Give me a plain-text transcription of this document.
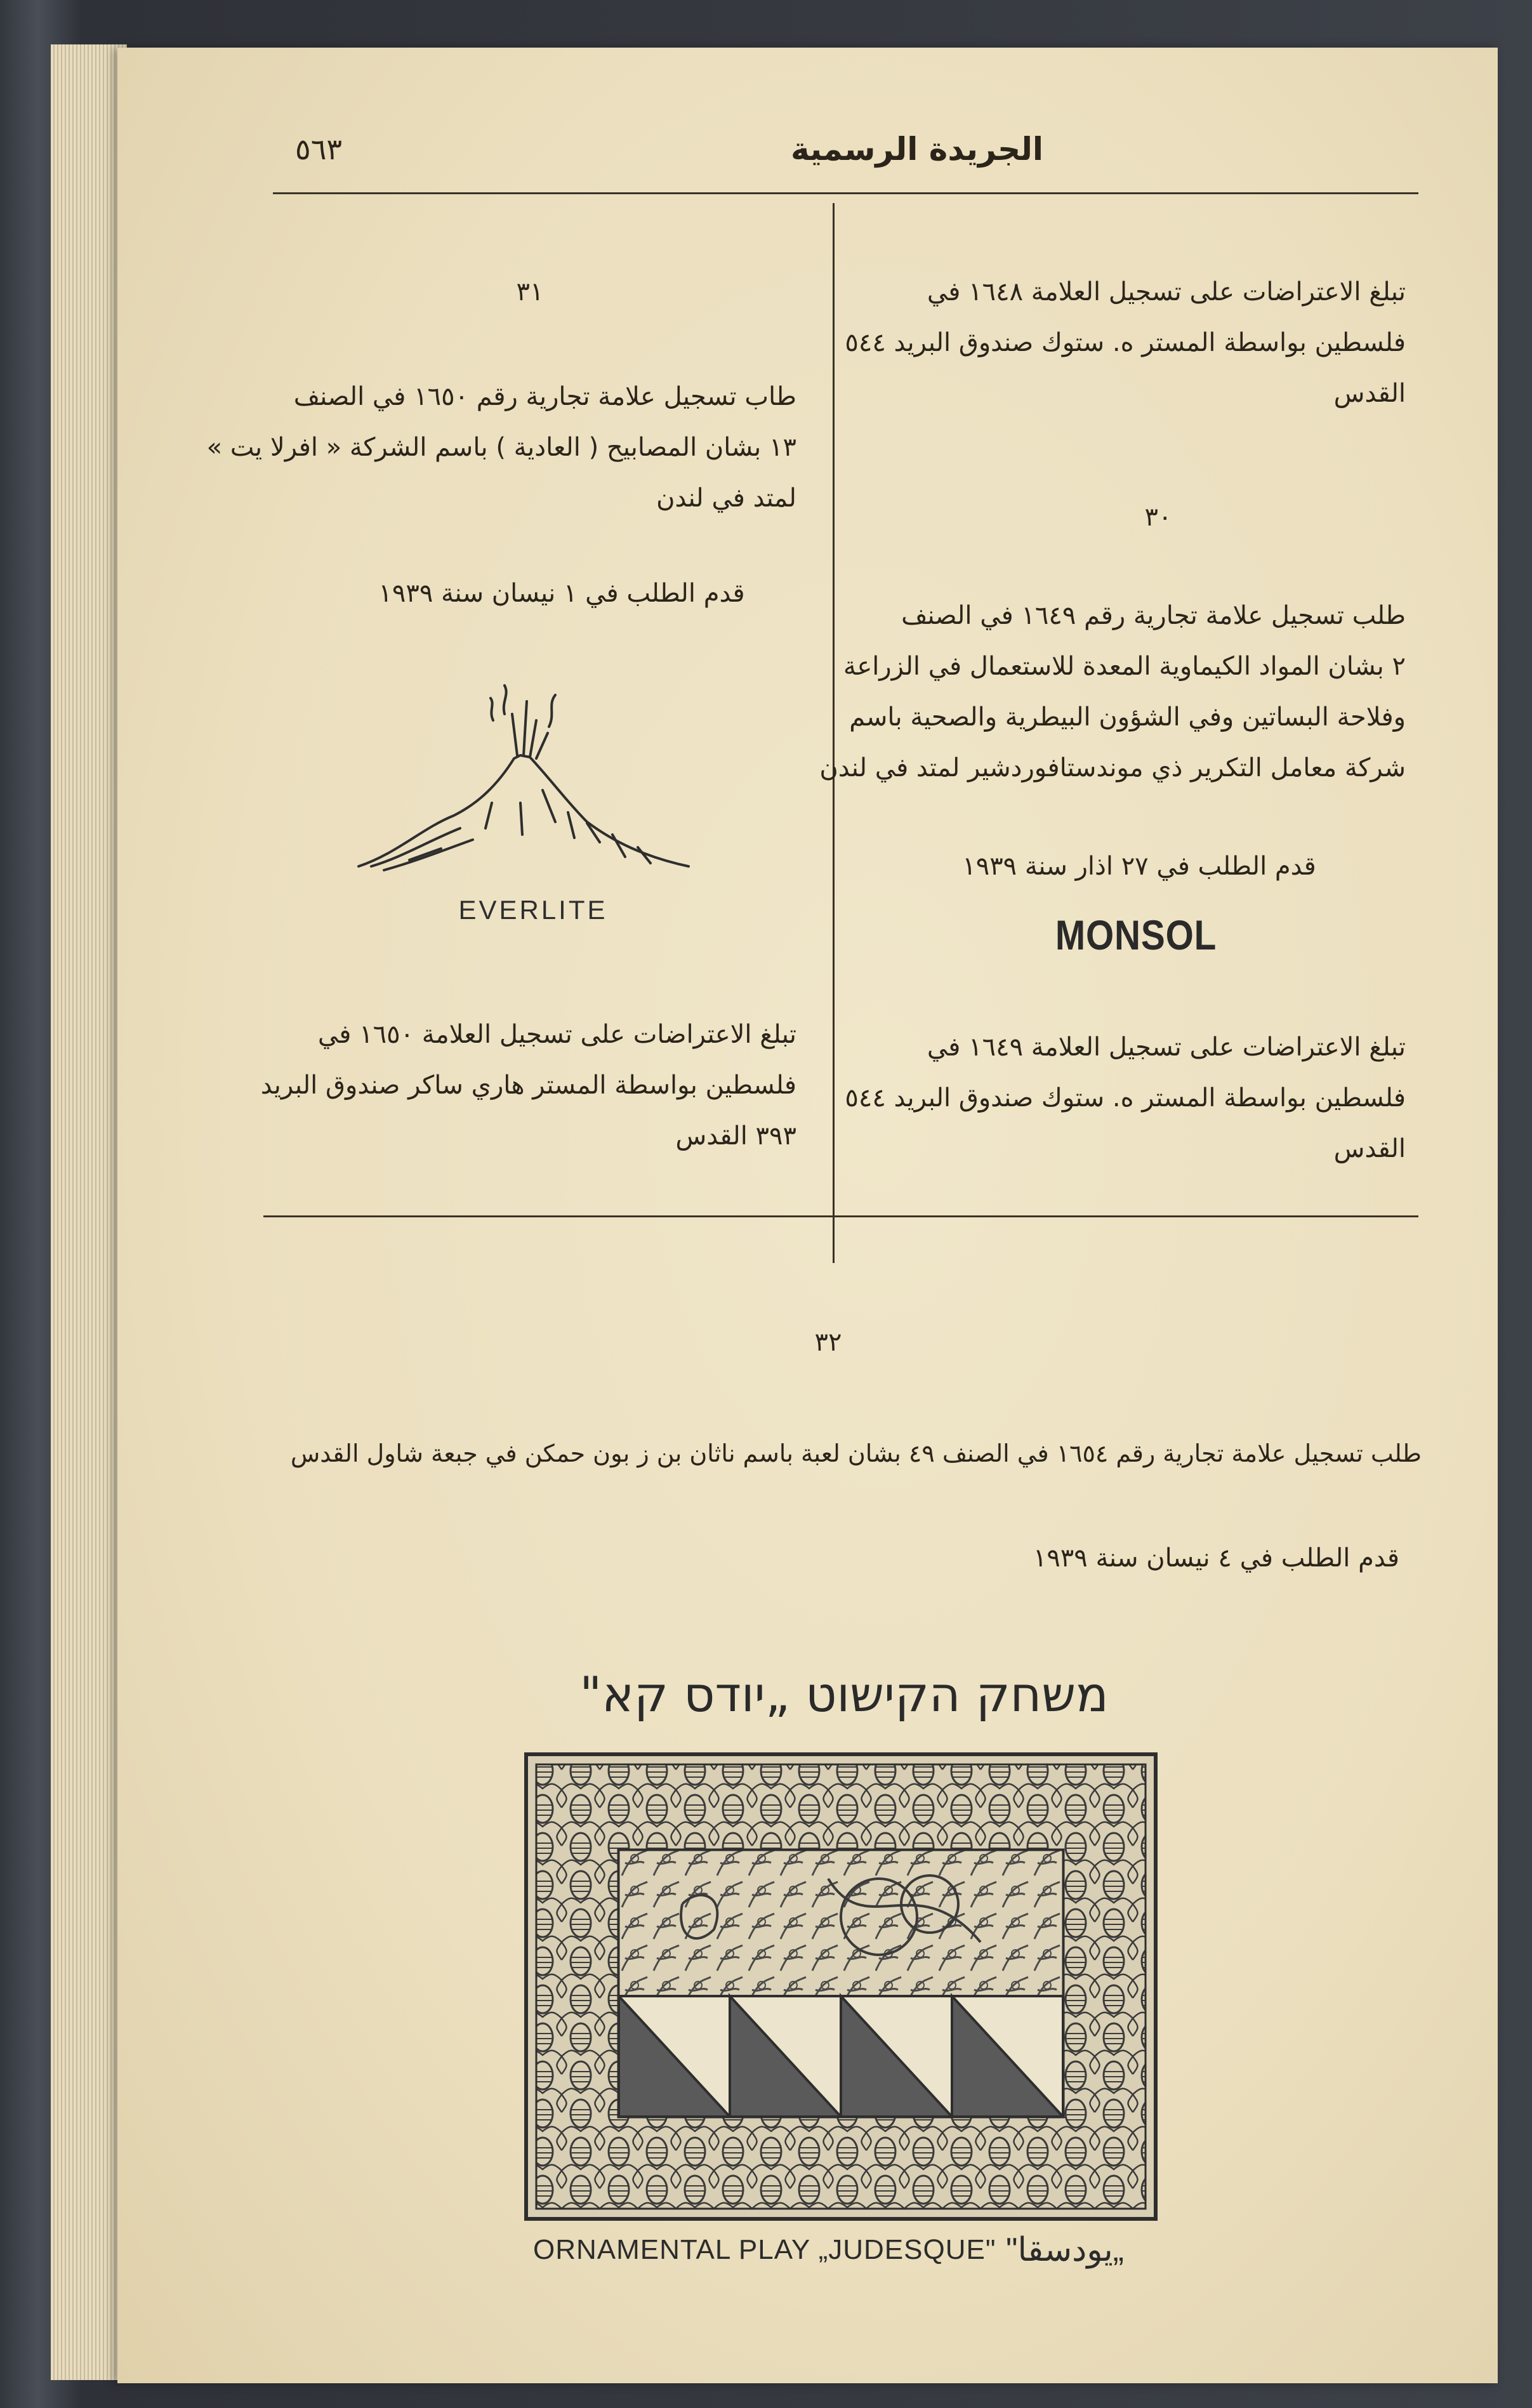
٥٦٣	الجريدة الرسمية
تبلغ الاعتراضات على تسجيل العلامة ١٦٤٨ في
فلسطين بواسطة المستر ه. ستوك صندوق البريد ٥٤٤
القدس
٣٠
طلب تسجيل علامة تجارية رقم ١٦٤٩ في الصنف
٢ بشان المواد الكيماوية المعدة للاستعمال في الزراعة
وفلاحة البساتين وفي الشؤون البيطرية والصحية باسم
شركة معامل التكرير ذي موندستافوردشير لمتد في لندن
قدم الطلب في ٢٧ اذار سنة ١٩٣٩
MONSOL
تبلغ الاعتراضات على تسجيل العلامة ١٦٤٩ في
فلسطين بواسطة المستر ه. ستوك صندوق البريد ٥٤٤
القدس
٣١
طاب تسجيل علامة تجارية رقم ١٦٥٠ في الصنف
١٣ بشان المصابيح ( العادية ) باسم الشركة « افرلا يت »
لمتد في لندن
قدم الطلب في ١ نيسان سنة ١٩٣٩
EVERLITE
تبلغ الاعتراضات على تسجيل العلامة ١٦٥٠ في
فلسطين بواسطة المستر هاري ساكر صندوق البريد
٣٩٣ القدس
٣٢
طلب تسجيل علامة تجارية رقم ١٦٥٤ في الصنف ٤٩ بشان لعبة باسم ناثان بن ز بون حمكن في جبعة شاول القدس
قدم الطلب في ٤ نيسان سنة ١٩٣٩
משחק הקישוט „יודס קא"
ORNAMENTAL PLAY „JUDESQUE" „يودسقا"
